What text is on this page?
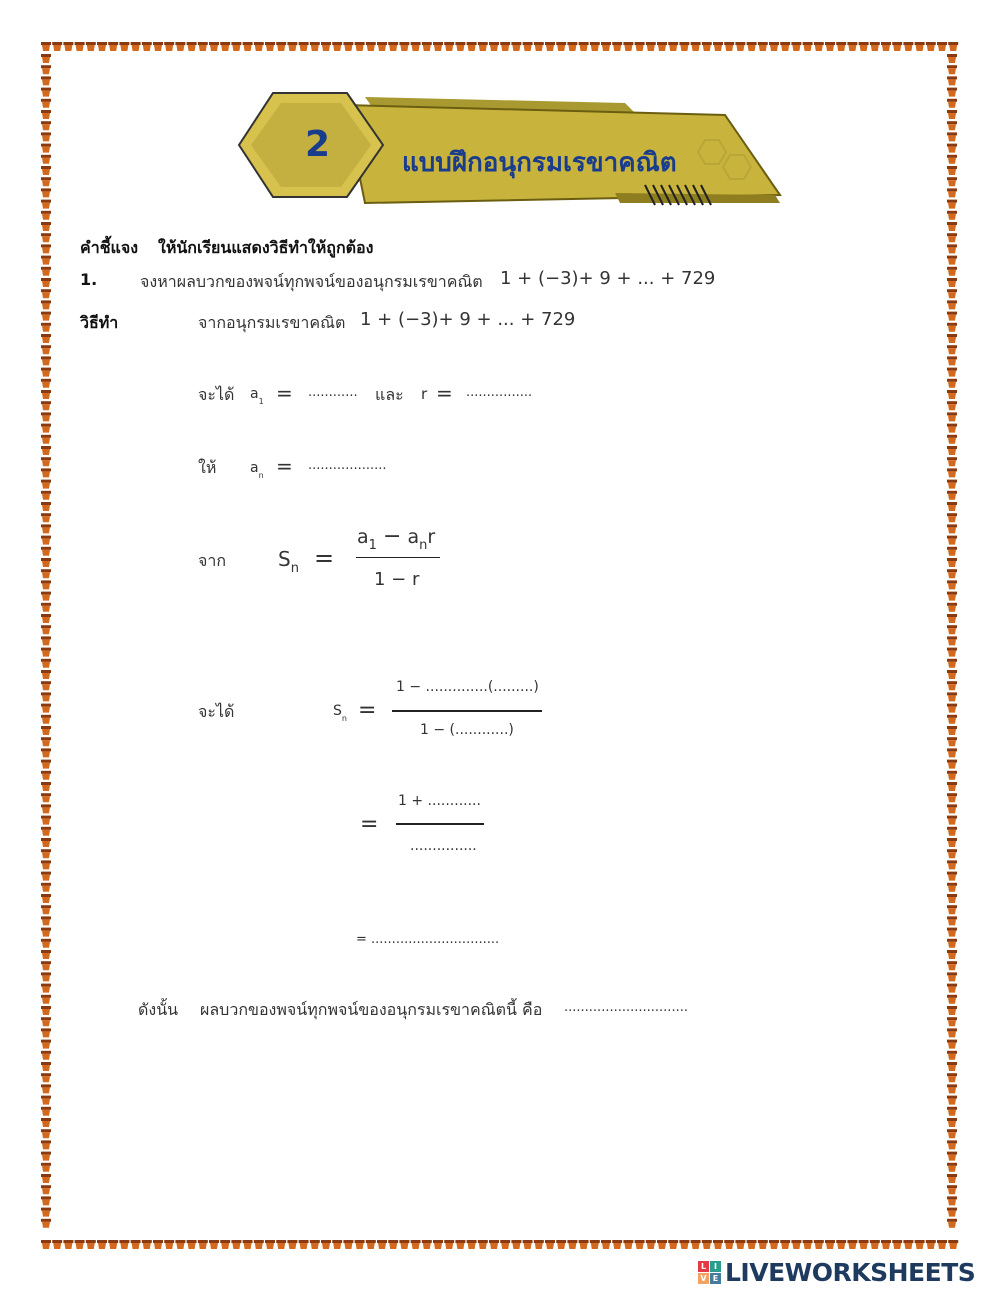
2	แบบฝึกอนุกรมเรขาคณิต
คำชี้แจง ให้นักเรียนแสดงวิธีทำให้ถูกต้อง
1.	จงหาผลบวกของพจน์ทุกพจน์ของอนุกรมเรขาคณิต 1 + (−3)+ 9 + ... + 729
วิธีทำ	จากอนุกรมเรขาคณิต 1 + (−3)+ 9 + ... + 729
จะได้ $a_1$ = ............ และ r = ................
ให้ $a_n$ = ...................
จาก	$S_n$ =
$a_1 - a_nr$
1 − r
จะได้	$S_n$ =
1 − ..............(.........)
1 − (............)
=
1 + ............
...............
= ...............................
ดังนั้น ผลบวกของพจน์ทุกพจน์ของอนุกรมเรขาคณิตนี้ คือ ..............................
L I
V E LIVEWORKSHEETS
